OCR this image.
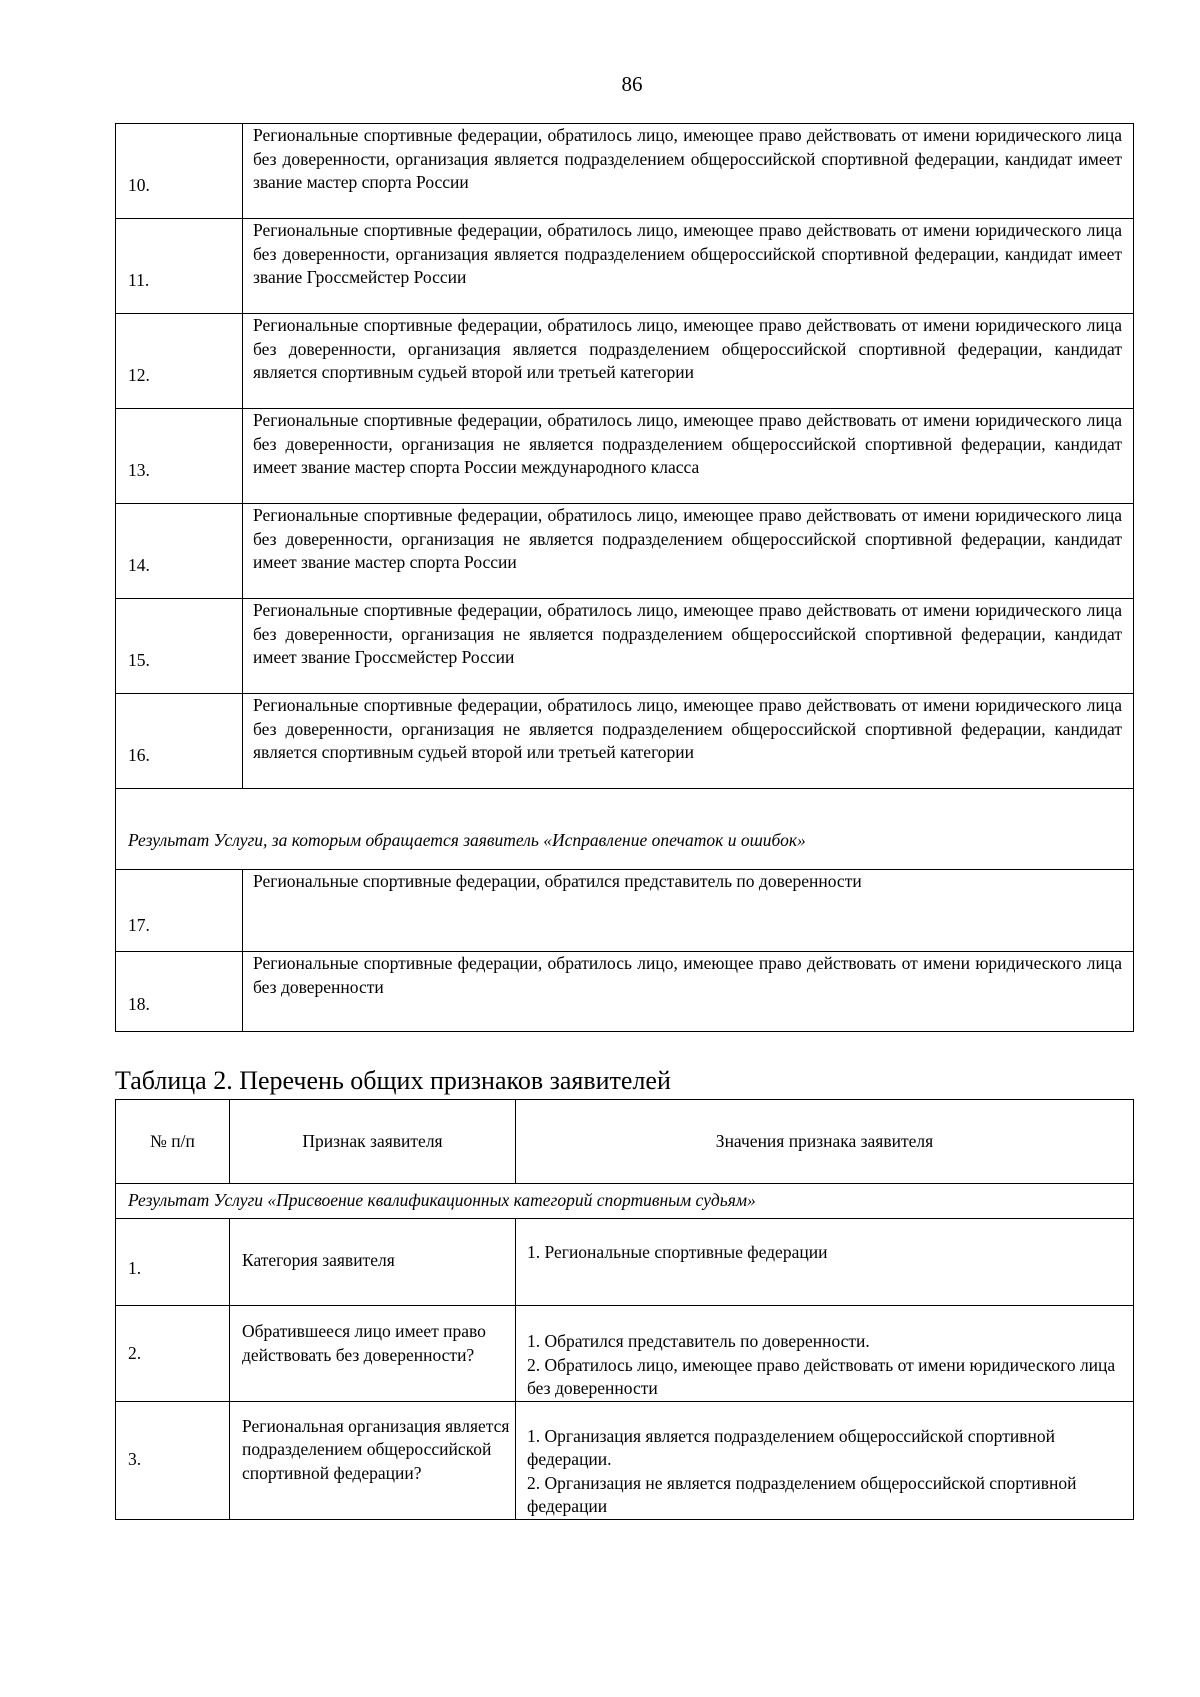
86
10.	Региональные спортивные федерации, обратилось лицо, имеющее право действовать от имени юридического лица без доверенности, организация является подразделением общероссийской спортивной федерации, кандидат имеет звание мастер спорта России
11.	Региональные спортивные федерации, обратилось лицо, имеющее право действовать от имени юридического лица без доверенности, организация является подразделением общероссийской спортивной федерации, кандидат имеет звание Гроссмейстер России
12.	Региональные спортивные федерации, обратилось лицо, имеющее право действовать от имени юридического лица без доверенности, организация является подразделением общероссийской спортивной федерации, кандидат является спортивным судьей второй или третьей категории
13.	Региональные спортивные федерации, обратилось лицо, имеющее право действовать от имени юридического лица без доверенности, организация не является подразделением общероссийской спортивной федерации, кандидат имеет звание мастер спорта России международного класса
14.	Региональные спортивные федерации, обратилось лицо, имеющее право действовать от имени юридического лица без доверенности, организация не является подразделением общероссийской спортивной федерации, кандидат имеет звание мастер спорта России
15.	Региональные спортивные федерации, обратилось лицо, имеющее право действовать от имени юридического лица без доверенности, организация не является подразделением общероссийской спортивной федерации, кандидат имеет звание Гроссмейстер России
16.	Региональные спортивные федерации, обратилось лицо, имеющее право действовать от имени юридического лица без доверенности, организация не является подразделением общероссийской спортивной федерации, кандидат является спортивным судьей второй или третьей категории

Результат Услуги, за которым обращается заявитель «Исправление опечаток и ошибок»	

17.	Региональные спортивные федерации, обратился представитель по доверенности
18.	Региональные спортивные федерации, обратилось лицо, имеющее право действовать от имени юридического лица без доверенности
Таблица 2. Перечень общих признаков заявителей
№ п/п	Признак заявителя	Значения признака заявителя
Результат Услуги «Присвоение квалификационных категорий спортивным судьям»		
1.	Категория заявителя	1. Региональные спортивные федерации

2.	Обратившееся лицо имеет право действовать без доверенности?	1. Обратился представитель по доверенности.
2. Обратилось лицо, имеющее право действовать от имени юридического лица без доверенности

3.	Региональная организация является подразделением общероссийской спортивной федерации?	1. Организация является подразделением общероссийской спортивной федерации.
2. Организация не является подразделением общероссийской спортивной федерации
